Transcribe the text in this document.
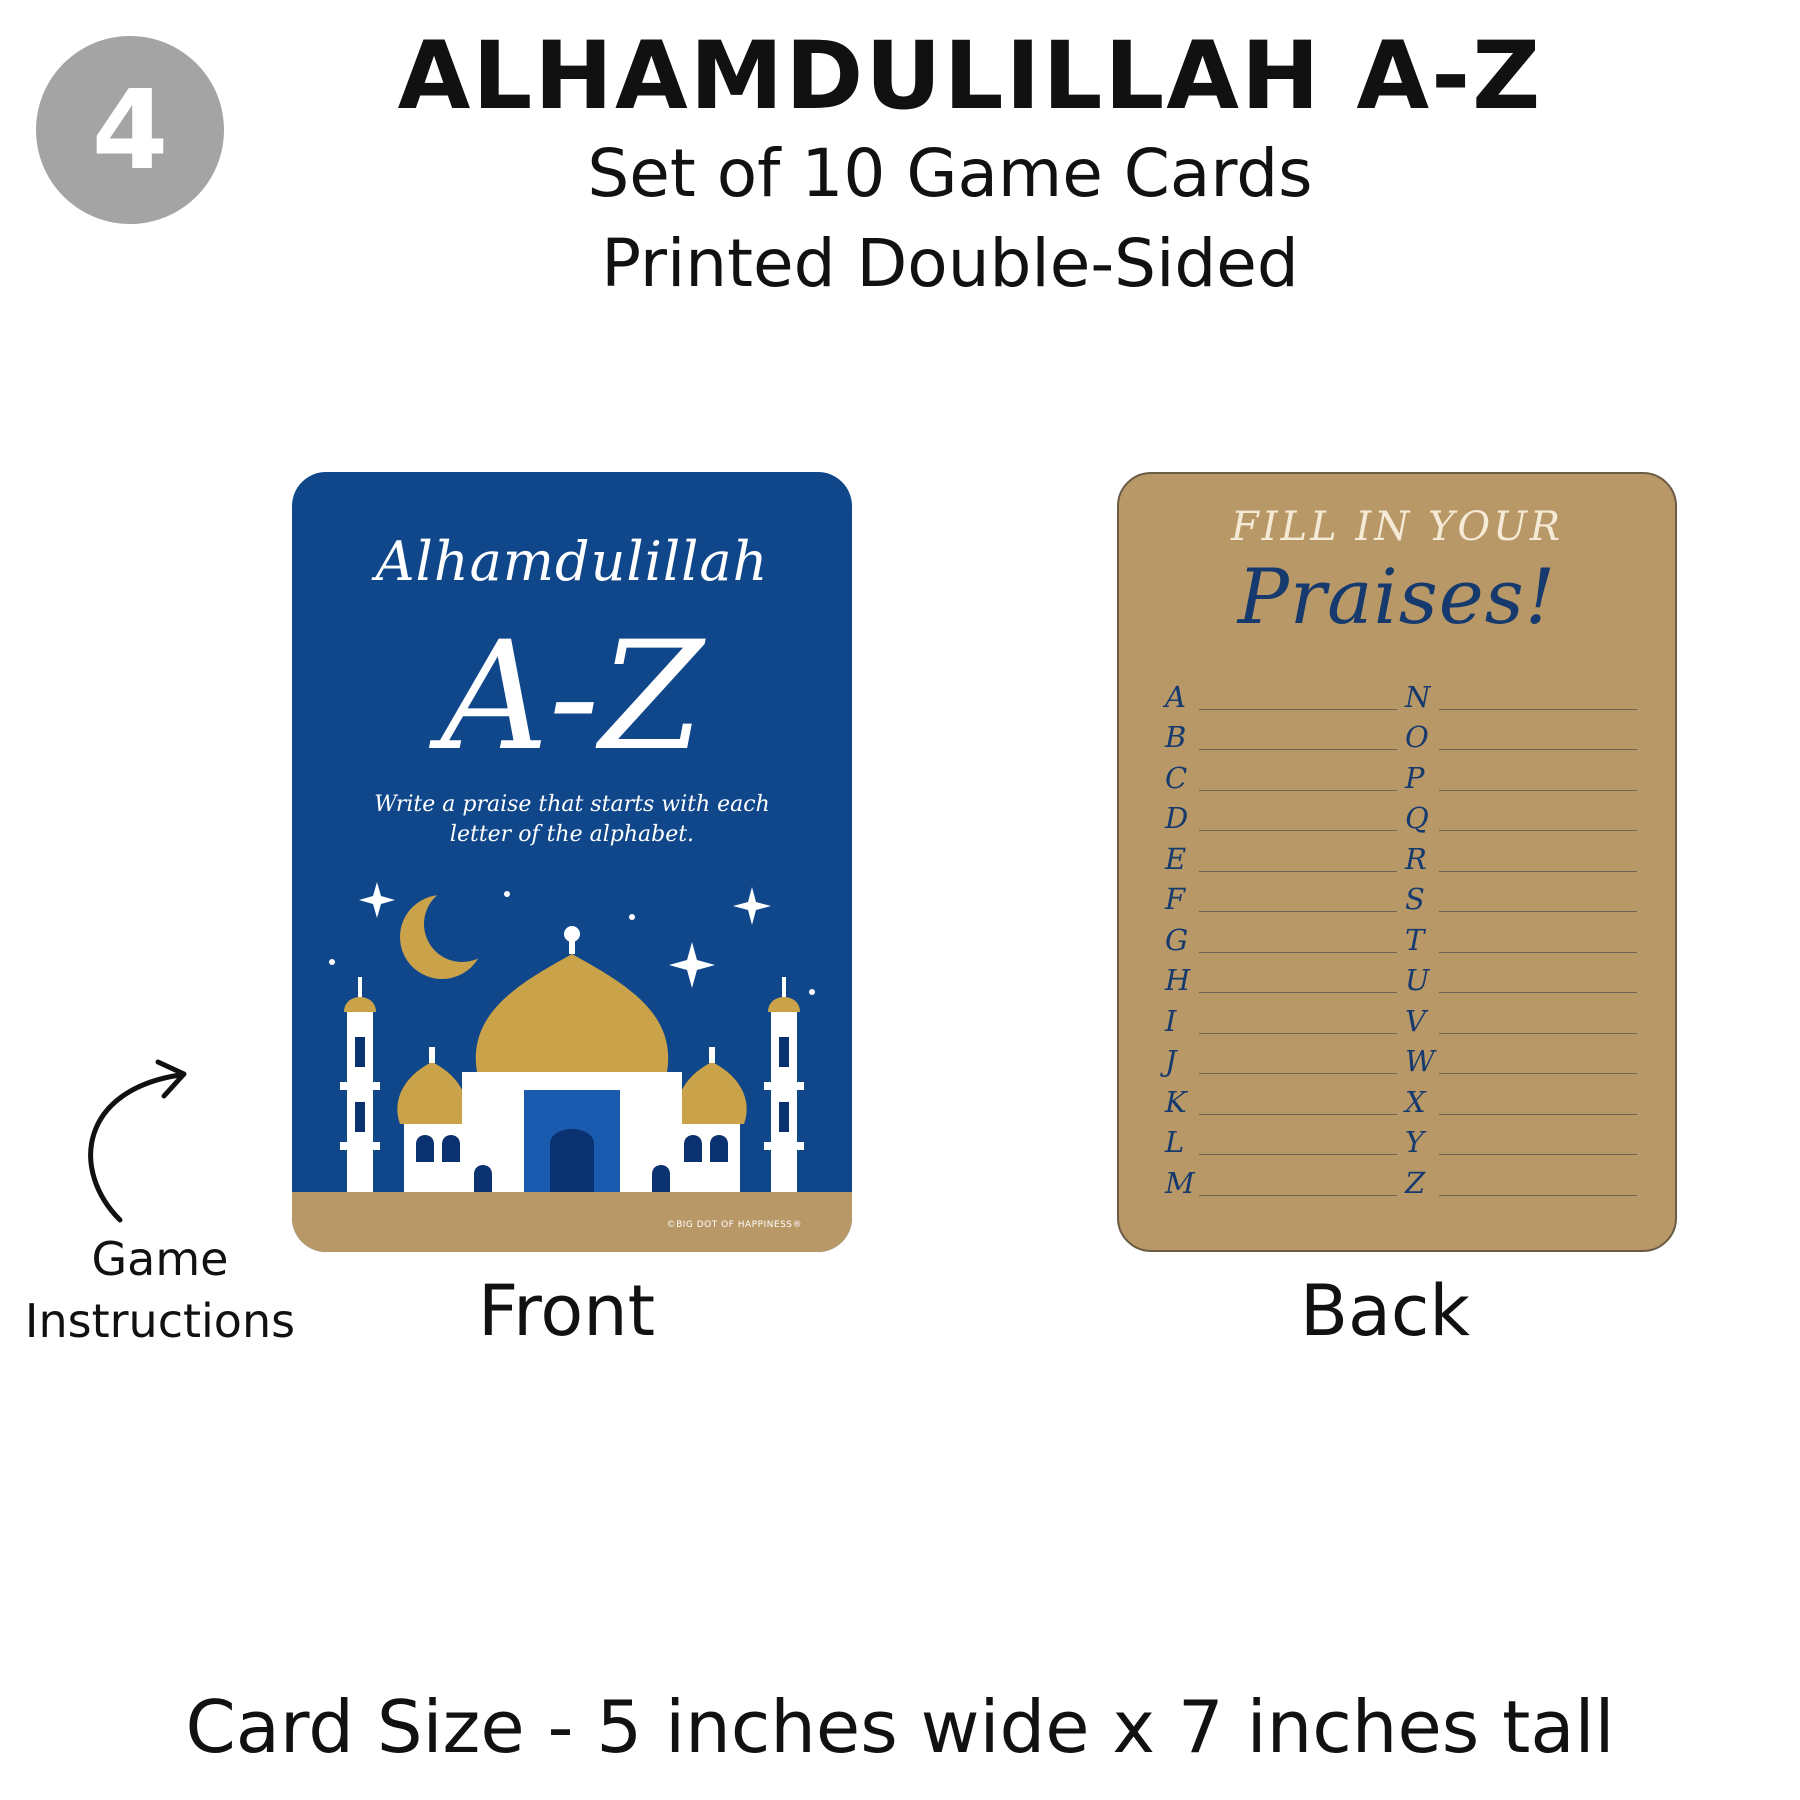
4	ALHAMDULILLAH A-Z
Set of 10 Game Cards
Printed Double-Sided
Alhamdulillah
A-Z
Write a praise that starts with each letter of the alphabet.
©BIG DOT OF HAPPINESS®
FILL IN YOUR
Praises!
A
B
C
D
E
F
G
H
I
J
K
L
M
N
O
P
Q
R
S
T
U
V
W
X
Y
Z
Front	Back
Game
Instructions
Card Size - 5 inches wide x 7 inches tall
